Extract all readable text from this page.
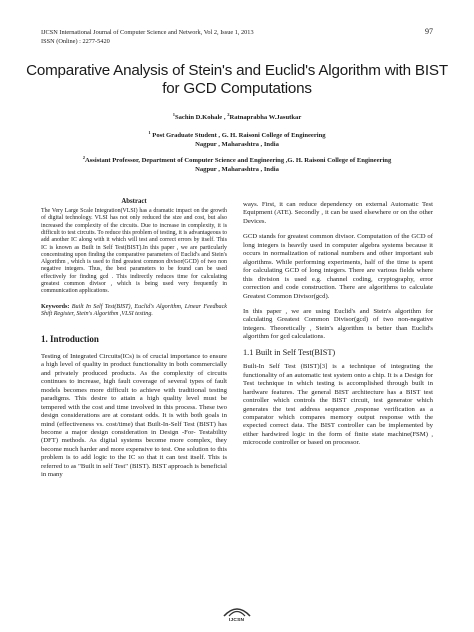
IJCSN International Journal of Computer Science and Network, Vol 2, Issue 1, 2013
ISSN (Online) : 2277-5420
97
Comparative Analysis of Stein's and Euclid's Algorithm with BIST for GCD Computations
$^1$Sachin D.Kohale , $^2$Ratnaprabha W.Jasutkar
$^1$ Post Graduate Student , G. H. Raisoni College of Engineering
Nagpur , Maharashtra , India
$^2$Assistant Professor, Department of Computer Science and Engineering ,G. H. Raisoni College of Engineering
Nagpur , Maharashtra , India
Abstract

The Very Large Scale Integration(VLSI) has a dramatic impact on the growth of digital technology. VLSI has not only reduced the size and cost, but also increased the complexity of the circuits. Due to increase in complexity, it is difficult to test circuits. To reduce this problem of testing, it is advantageous to add another IC along with it which will test and correct errors by itself. This IC is known as Built in Self Test(BIST).In this paper , we are particularly concentrating upon finding the comparative parameters of Euclid's and Stein's Algorithm , which is used to find greatest common divisor(GCD) of two non negative integers. Thus, the best parameters to be found can be used effectively for finding gcd . This indirectly reduces time for calculating greatest common divisor , which is being used very frequently in communication applications.

Keywords: Built In Self Test(BIST), Euclid's Algorithm, Linear Feedback Shift Register, Stein's Algorithm ,VLSI testing.

1. Introduction

Testing of Integrated Circuits(ICs) is of crucial importance to ensure a high level of quality in product functionality in both commercially and privately produced products. As the complexity of circuits continues to increase, high fault coverage of several types of fault models becomes more difficult to achieve with traditional testing paradigms. This desire to attain a high quality level must be tempered with the cost and time involved in this process. These two design considerations are at constant odds. It is with both goals in mind (effectiveness vs. cost/time) that Built-In-Self Test (BIST) has become a major design consideration in Design -For- Testability (DFT) methods. As digital systems become more complex, they become much harder and more expensive to test. One solution to this problem is to add logic to the IC so that it can test itself. This is referred to as "Built in self Test" (BIST). BIST approach is beneficial in many

ways. First, it can reduce dependency on external Automatic Test Equipment (ATE). Secondly , it can be used elsewhere or on the other Devices.

GCD stands for greatest common divisor. Computation of the GCD of long integers is heavily used in computer algebra systems because it occurs in normalization of rational numbers and other important sub algorithms. While performing experiments, half of the time is spent for calculating GCD of long integers. There are various fields where this division is used e.g. channel coding, cryptography, error correction and code construction. There are algorithms to calculate Greatest Common Divisor(gcd).

In this paper , we are using Euclid's and Stein's algorithm for calculating Greatest Common Divisor(gcd) of two non-negative integers. Theoretically , Stein's algorithm is better than Euclid's algorithm for gcd calculations.

1.1 Built in Self Test(BIST)

Built-In Self Test (BIST)[3] is a technique of integrating the functionality of an automatic test system onto a chip. It is a Design for Test technique in which testing is accomplished through built in hardware features. The general BIST architecture has a BIST test controller which controls the BIST circuit, test generator which generates the test address sequence ,response verification as a comparator which compares memory output response with the expected correct data. The BIST controller can be implemented by either hardwired logic in the form of finite state machine(FSM) , microcode controller or based on processor.

IJCSN
